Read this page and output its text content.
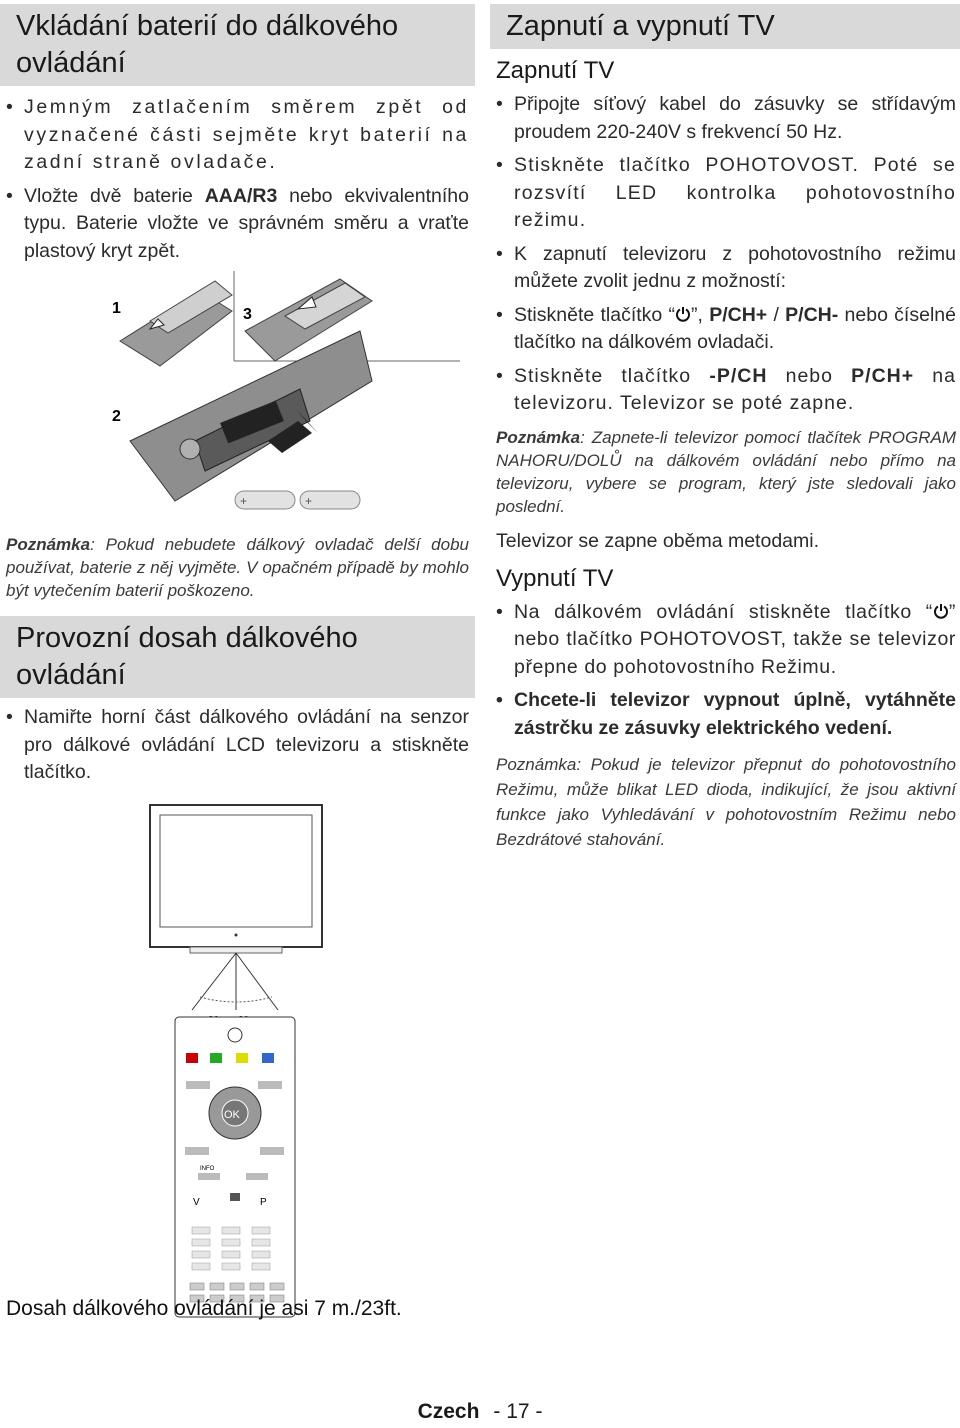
Vkládání baterií do dálkového ovládání
• Jemným zatlačením směrem zpět od vyznačené části sejměte kryt baterií na zadní straně ovladače.
• Vložte dvě baterie AAA/R3 nebo ekvivalentního typu. Baterie vložte ve správném směru a vraťte plastový kryt zpět.
+	+
1	3
2

Poznámka: Pokud nebudete dálkový ovladač delší dobu používat, baterie z něj vyjměte. V opačném případě by mohlo být vytečením baterií poškozeno.

Provozní dosah dálkového ovládání
• Namiřte horní část dálkového ovládání na senzor pro dálkové ovládání LCD televizoru a stiskněte tlačítko.
OK
INFO
V	P
Dosah dálkového ovládání je asi 7 m./23ft.
Zapnutí a vypnutí TV
Zapnutí TV
• Připojte síťový kabel do zásuvky se střídavým proudem 220-240V s frekvencí 50 Hz.
• Stiskněte tlačítko POHOTOVOST. Poté se rozsvítí LED kontrolka pohotovostního režimu.
• K zapnutí televizoru z pohotovostního režimu můžete zvolit jednu z možností:
• Stiskněte tlačítko “ ”, P/CH+ / P/CH- nebo číselné tlačítko na dálkovém ovladači.
• Stiskněte tlačítko -P/CH nebo P/CH+ na televizoru. Televizor se poté zapne.

Poznámka: Zapnete-li televizor pomocí tlačítek PROGRAM NAHORU/DOLŮ na dálkovém ovládání nebo přímo na televizoru, vybere se program, který jste sledovali jako poslední.

Televizor se zapne oběma metodami.

Vypnutí TV
• Na dálkovém ovládání stiskněte tlačítko “ ” nebo tlačítko POHOTOVOST, takže se televizor přepne do pohotovostního Režimu.
• Chcete-li televizor vypnout úplně, vytáhněte zástrčku ze zásuvky elektrického vedení.

Poznámka: Pokud je televizor přepnut do pohotovostního Režimu, může blikat LED dioda, indikující, že jsou aktivní funkce jako Vyhledávání v pohotovostním Režimu nebo Bezdrátové stahování.

Czech - 17 -
